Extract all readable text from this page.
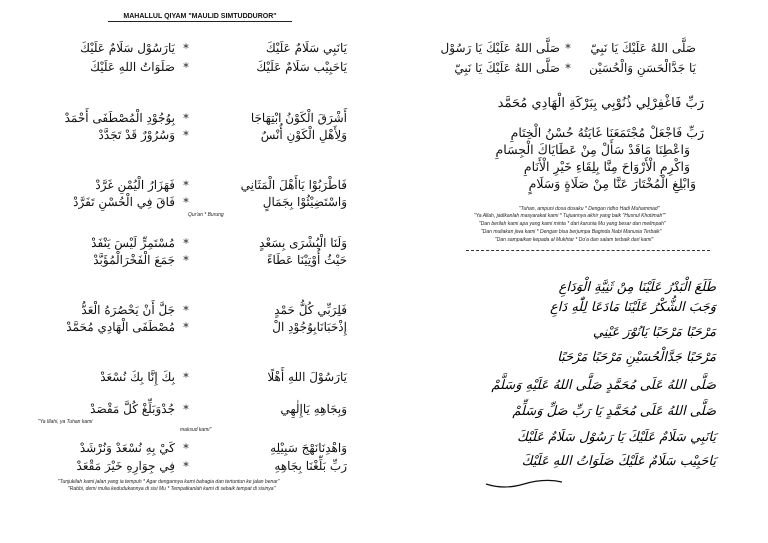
MAHALLUL QIYAM "MAULID SIMTUDDUROR"
يَارَسُوْل سَلَامٌ عَلَيْكَ *	يَانَبِي سَلَامٌ عَلَيْكَ
صَلَوَاتُ اللهِ عَلَيْكَ *	يَاحَبِيْب سَلَامٌ عَلَيْكَ
بِوُجُوْدِ الْمُصْطَفَى أَحْمَدْ *	أَشْرَقَ الْكَوْنُ ابْتِهَاجَا
وَسُرُوْرٌ قَدْ تَجَدَّدْ *	وَلِأَهْلِ الْكَوْنِ أُنْسٌ
فَهَزَارُ الْيُمْنِ غَرَّدْ *	فَاطْرَبُوْا يَاأَهْلَ الْمَثَانِي
فَاقَ فِي الْحُسْنِ تَفَرَّدْ *	وَاسْتَضِيْئُوْا بِجَمَالٍ
Qur'an * Burung
مُسْتَمِرٍّ لَيْسَ يَنْفَدْ *	وَلَنَا الْبُشْرَى بِسَعْدٍ
جَمَعَ الْفَخْرَالْمُؤَبَّدْ *	حَيْثُ أُوْتِيْنَا عَطَاءً
جَلَّ أَنْ يَحْصُرَهُ الْعَدُّ *	فَلِرَبِّي كُلُّ حَمْدٍ
مُصْطَفَى الْهَادِي مُحَمَّدْ *	إِذْحَبَانَابِوُجُوْدِ الْ
بِكَ إِنَّا بِكَ نُسْعَدْ *	يَارَسُوْلَ اللهِ أَهْلًا
جُدْوَبَلِّغْ كُلَّ مَقْصَدْ *	وَبِجَاهِهِ يَاإِلٰهِي
"Ya Illahi, ya Tuhan kami
maksud kami"
كَيْ بِهِ نُسْعَدْ وَنُرْشَدْ *	وَاهْدِنَانَهْجَ سَبِيْلِهِ
فِي جِوَارِهِ خَيْرَ مَقْعَدْ *	رَبِّ بَلِّغْنَا بِجَاهِهِ
"Tunjukilah kami jalan yang ia tempuh * Agar dengannya kami bahagia dan tertuntun ke jalan benar"
"Rabbi, demi mulia kedudukannya di sisi Mu * Tempatkanlah kami di sebaik tempat di sisinya"
صَلَّى اللهُ عَلَيْكَ يَا رَسُوْل *	صَلَّى اللهُ عَلَيْكَ يَا نَبِيّ
صَلَّى اللهُ عَلَيْكَ يَا نَبِيّ *	يَا جَدَّالْحَسَنِ وَالْحُسَيْن
رَبِّ فَاغْفِرْلِي ذُنُوْبِي بِبَرْكَةِ الْهَادِي مُحَمَّد
رَبِّ فَاجْعَلْ مُجْتَمَعَنَا غَايَتُهُ حُسْنُ الْخِتَامِ
وَاعْطِنَا مَاقَدْ سَأَلْ مِنْ عَطَايَاكَ الْجِسَامِ
وَاكْرِمِ الْأَرْوَاحَ مِنَّا بِلِقَاءِ خَيْرِ الْأَنَامِ
وَابْلِغِ الْمُخْتَارَ عَنَّا مِنْ صَلَاةٍ وَسَلَامٍ
"Tuhan, ampuni dosa dosaku * Dengan ridho Hadi Muhammad"
"Ya Allah, jadikanlah masyarakat kami * Tujuannya akhir yang baik "Husnul Khotimah""
"Dan berilah kami apa yang kami minta * dari karunia Mu yang besar dan melimpah"
"Dan muliakan jiwa kami * Dengan bisa berjumpa Baginda Nabi Manusia Terbaik"
"Dan sampaikan kepada al Mukhtar * Do'a dan salam terbaik dari kami"
طَلَعَ الْبَدْرُ عَلَيْنَا مِنْ ثَنِيَّةِ الْوَدَاعِ
وَجَبَ الشُّكْرُ عَلَيْنَا مَادَعَا لِلّٰهِ دَاعِ
مَرْحَبًا مَرْحَبًا يَانُوْرَ عَيْنِي
مَرْحَبًا جَدَّالْحُسَيْنِ مَرْحَبًا مَرْحَبًا
صَلَّى اللهُ عَلَى مُحَمَّدٍ صَلَّى اللهُ عَلَيْهِ وَسَلَّمْ
صَلَّى اللهُ عَلَى مُحَمَّدٍ يَا رَبِّ صَلِّ وَسَلِّمْ
يَانَبِي سَلَامٌ عَلَيْكَ يَا رَسُوْل سَلَامٌ عَلَيْكَ
يَاحَبِيْب سَلَامٌ عَلَيْكَ صَلَوَاتُ اللهِ عَلَيْكَ
